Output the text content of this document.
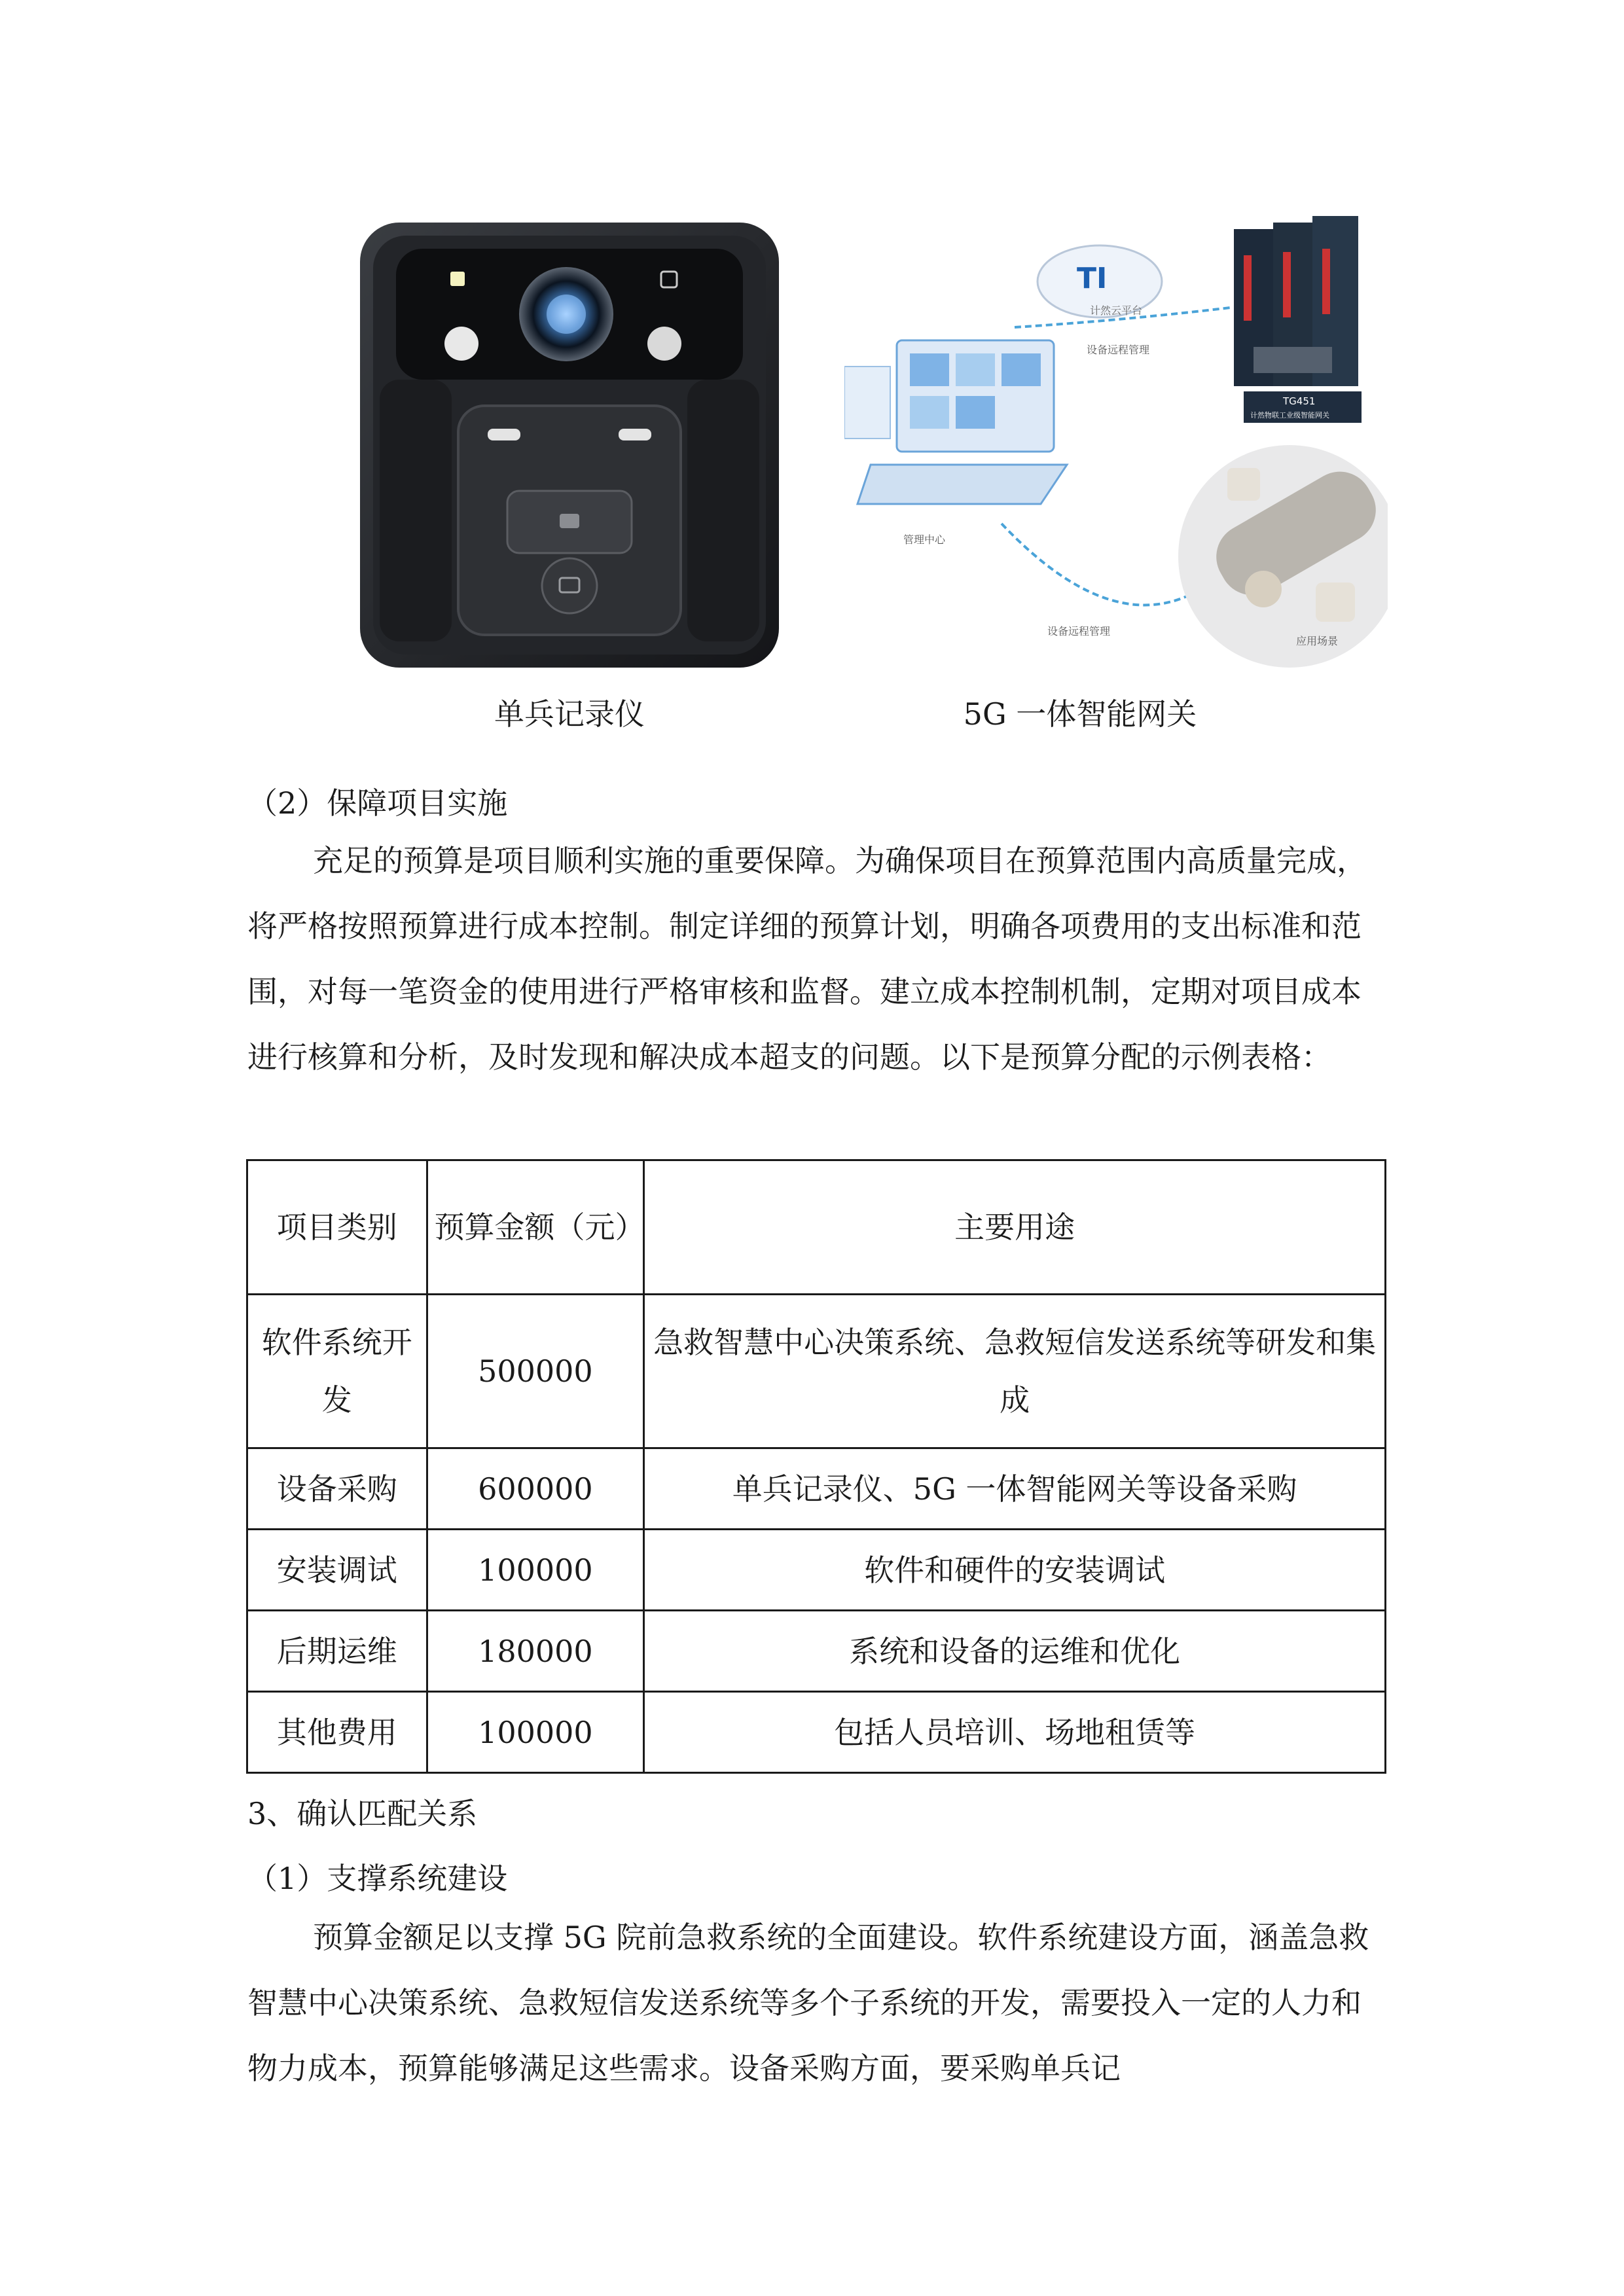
TI
计然云平台
TG451
计然物联工业级智能网关
设备远程管理
设备远程管理
管理中心
应用场景
单兵记录仪	5G 一体智能网关
（2）保障项目实施
充足的预算是项目顺利实施的重要保障。为确保项目在预算范围内高质量完成，将严格按照预算进行成本控制。制定详细的预算计划，明确各项费用的支出标准和范围，对每一笔资金的使用进行严格审核和监督。建立成本控制机制，定期对项目成本进行核算和分析，及时发现和解决成本超支的问题。以下是预算分配的示例表格：
项目类别	预算金额（元）	主要用途
软件系统开发	500000	急救智慧中心决策系统、急救短信发送系统等研发和集成
设备采购	600000	单兵记录仪、5G 一体智能网关等设备采购
安装调试	100000	软件和硬件的安装调试
后期运维	180000	系统和设备的运维和优化
其他费用	100000	包括人员培训、场地租赁等
3、确认匹配关系
（1）支撑系统建设
预算金额足以支撑 5G 院前急救系统的全面建设。软件系统建设方面，涵盖急救智慧中心决策系统、急救短信发送系统等多个子系统的开发，需要投入一定的人力和物力成本，预算能够满足这些需求。设备采购方面，要采购单兵记
